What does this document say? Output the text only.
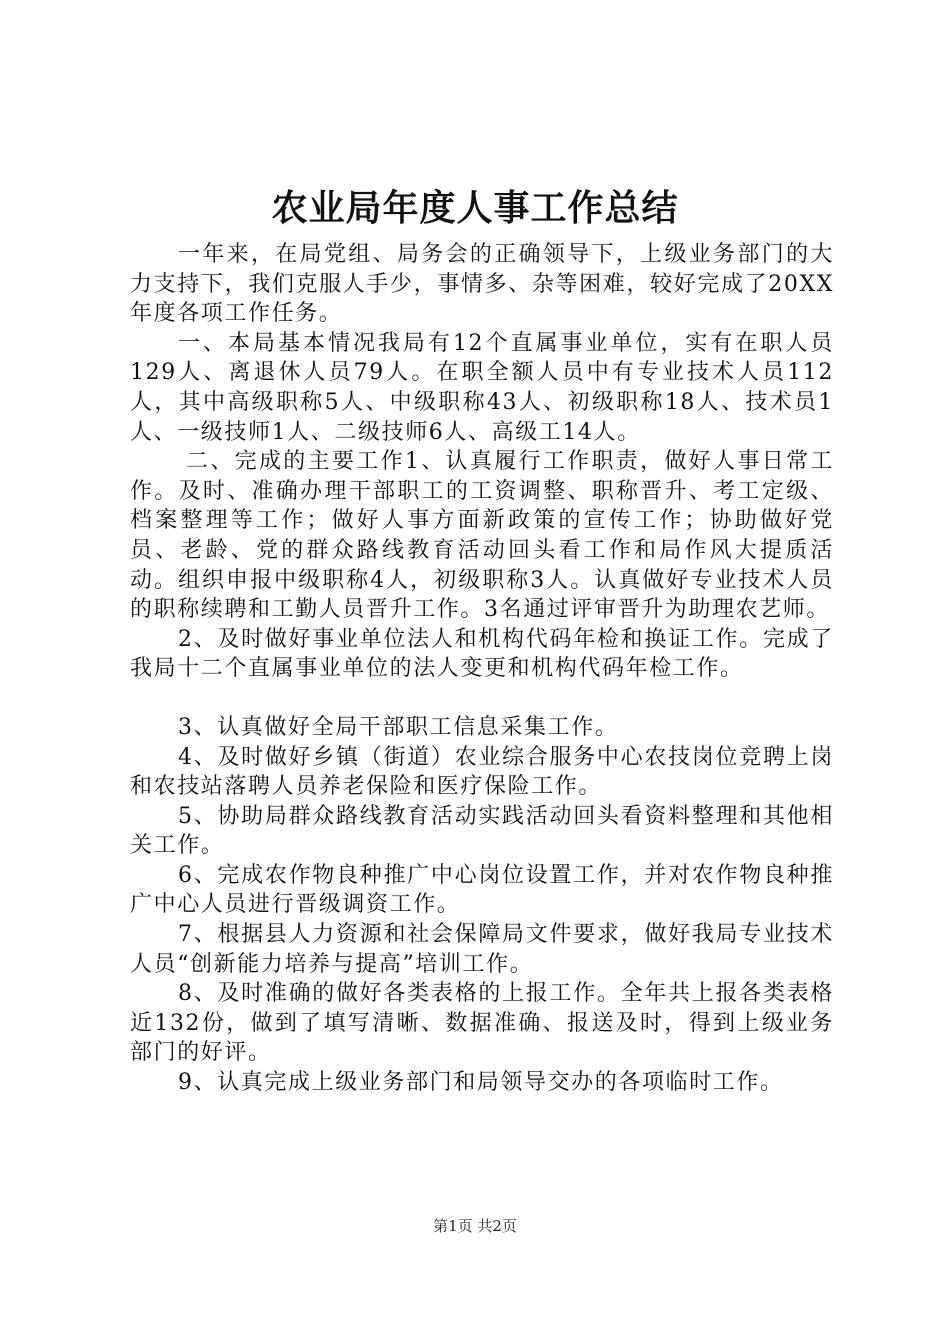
农业局年度人事工作总结

一年来，在局党组、局务会的正确领导下，上级业务部门的大力支持下，我们克服人手少，事情多、杂等困难，较好完成了20XX年度各项工作任务。

一、本局基本情况我局有12个直属事业单位，实有在职人员129人、离退休人员79人。在职全额人员中有专业技术人员112人，其中高级职称5人、中级职称43人、初级职称18人、技术员1人、一级技师1人、二级技师6人、高级工14人。

二、完成的主要工作1、认真履行工作职责，做好人事日常工作。及时、准确办理干部职工的工资调整、职称晋升、考工定级、档案整理等工作；做好人事方面新政策的宣传工作；协助做好党员、老龄、党的群众路线教育活动回头看工作和局作风大提质活动。组织申报中级职称4人，初级职称3人。认真做好专业技术人员的职称续聘和工勤人员晋升工作。3名通过评审晋升为助理农艺师。

2、及时做好事业单位法人和机构代码年检和换证工作。完成了我局十二个直属事业单位的法人变更和机构代码年检工作。

3、认真做好全局干部职工信息采集工作。

4、及时做好乡镇（街道）农业综合服务中心农技岗位竞聘上岗和农技站落聘人员养老保险和医疗保险工作。

5、协助局群众路线教育活动实践活动回头看资料整理和其他相关工作。

6、完成农作物良种推广中心岗位设置工作，并对农作物良种推广中心人员进行晋级调资工作。

7、根据县人力资源和社会保障局文件要求，做好我局专业技术人员“创新能力培养与提高”培训工作。

8、及时准确的做好各类表格的上报工作。全年共上报各类表格近132份，做到了填写清晰、数据准确、报送及时，得到上级业务部门的好评。

9、认真完成上级业务部门和局领导交办的各项临时工作。

第1页 共2页
